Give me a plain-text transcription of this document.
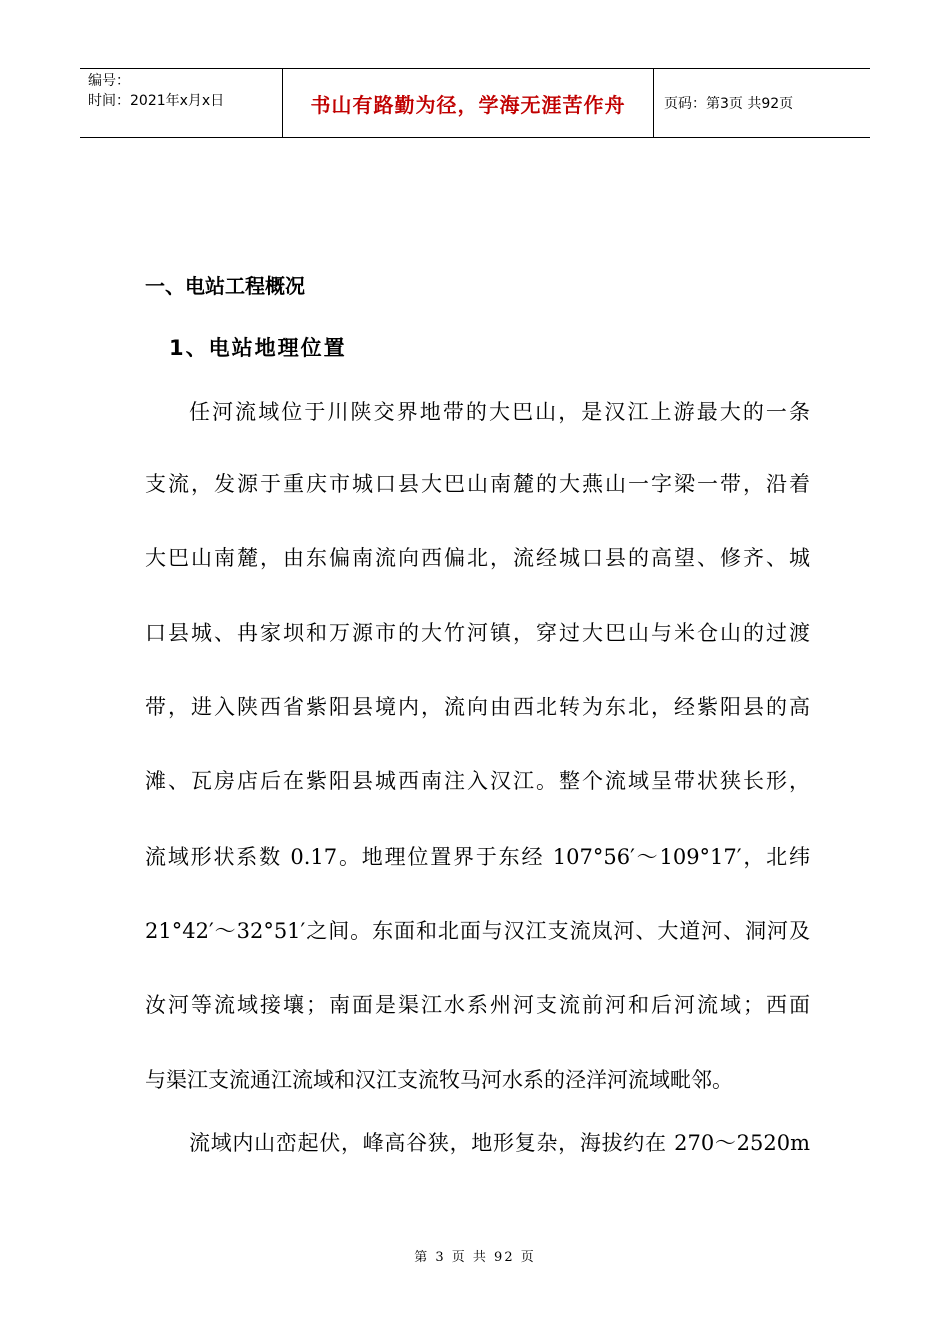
编号：
时间：2021年x月x日	书山有路勤为径，学海无涯苦作舟	页码：第3页 共92页
一、电站工程概况
1、电站地理位置
任河流域位于川陕交界地带的大巴山，是汉江上游最大的一条
支流，发源于重庆市城口县大巴山南麓的大燕山一字梁一带，沿着
大巴山南麓，由东偏南流向西偏北，流经城口县的高望、修齐、城
口县城、冉家坝和万源市的大竹河镇，穿过大巴山与米仓山的过渡
带，进入陕西省紫阳县境内，流向由西北转为东北，经紫阳县的高
滩、瓦房店后在紫阳县城西南注入汉江。整个流域呈带状狭长形，
流域形状系数 0.17。地理位置界于东经 107°56′～109°17′，北纬
21°42′～32°51′之间。东面和北面与汉江支流岚河、大道河、洞河及
汝河等流域接壤；南面是渠江水系州河支流前河和后河流域；西面
与渠江支流通江流域和汉江支流牧马河水系的泾洋河流域毗邻。
流域内山峦起伏，峰高谷狭，地形复杂，海拔约在 270～2520m
第 3 页 共 92 页
